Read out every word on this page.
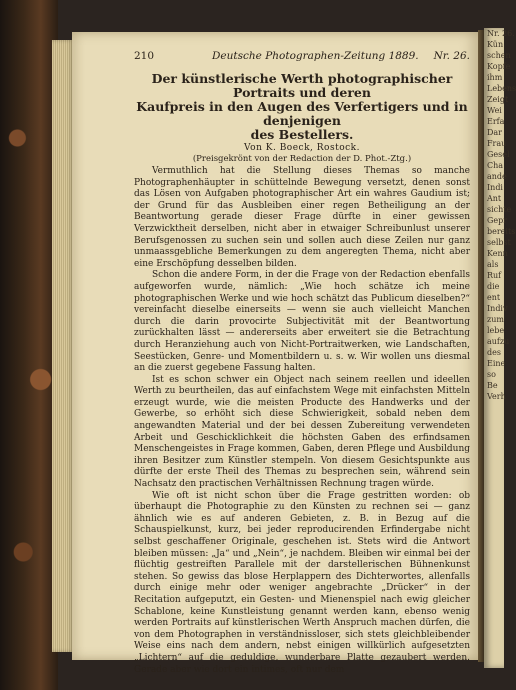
210	Deutsche Photographen-Zeitung 1889. Nr. 26.
Der künstlerische Werth photographischer Portraits und deren
Kaufpreis in den Augen des Verfertigers und in denjenigen
des Bestellers.
Von K. Boeck, Rostock.
(Preisgekrönt von der Redaction der D. Phot.-Ztg.)

Vermuthlich hat die Stellung dieses Themas so manche Photographenhäupter in schüttelnde Bewegung versetzt, denen sonst das Lösen von Aufgaben photographischer Art ein wahres Gaudium ist; der Grund für das Ausbleiben einer regen Betheiligung an der Beantwortung gerade dieser Frage dürfte in einer gewissen Verzwicktheit derselben, nicht aber in etwaiger Schreibunlust unserer Berufsgenossen zu suchen sein und sollen auch diese Zeilen nur ganz unmaassgebliche Bemerkungen zu dem angeregten Thema, nicht aber eine Erschöpfung desselben bilden.

Schon die andere Form, in der die Frage von der Redaction ebenfalls aufgeworfen wurde, nämlich: „Wie hoch schätze ich meine photographischen Werke und wie hoch schätzt das Publicum dieselben?“ vereinfacht dieselbe einerseits — wenn sie auch vielleicht Manchen durch die darin provocirte Subjectivität mit der Beantwortung zurückhalten lässt — andererseits aber erweitert sie die Betrachtung durch Heranziehung auch von Nicht-Portraitwerken, wie Landschaften, Seestücken, Genre- und Momentbildern u. s. w. Wir wollen uns diesmal an die zuerst gegebene Fassung halten.

Ist es schon schwer ein Object nach seinem reellen und ideellen Werth zu beurtheilen, das auf einfachstem Wege mit einfachsten Mitteln erzeugt wurde, wie die meisten Producte des Handwerks und der Gewerbe, so erhöht sich diese Schwierigkeit, sobald neben dem angewandten Material und der bei dessen Zubereitung verwendeten Arbeit und Geschicklichkeit die höchsten Gaben des erfindsamen Menschengeistes in Frage kommen, Gaben, deren Pflege und Ausbildung ihren Besitzer zum Künstler stempeln. Von diesem Gesichtspunkte aus dürfte der erste Theil des Themas zu besprechen sein, während sein Nachsatz den practischen Verhältnissen Rechnung tragen würde.

Wie oft ist nicht schon über die Frage gestritten worden: ob überhaupt die Photographie zu den Künsten zu rechnen sei — ganz ähnlich wie es auf anderen Gebieten, z. B. in Bezug auf die Schauspielkunst, kurz, bei jeder reproducirenden Erfindergabe nicht selbst geschaffener Originale, geschehen ist. Stets wird die Antwort bleiben müssen: „Ja“ und „Nein“, je nachdem. Bleiben wir einmal bei der flüchtig gestreiften Parallele mit der darstellerischen Bühnenkunst stehen. So gewiss das blose Herplappern des Dichterwortes, allenfalls durch einige mehr oder weniger angebrachte „Drücker“ in der Recitation aufgeputzt, ein Gesten- und Mienenspiel nach ewig gleicher Schablone, keine Kunstleistung genannt werden kann, ebenso wenig werden Portraits auf künstlerischen Werth Anspruch machen dürfen, die von dem Photographen in verständnissloser, sich stets gleichbleibender Weise eins nach dem andern, nebst einigen willkürlich aufgesetzten „Lichtern“ auf die geduldige, wunderbare Platte gezaubert werden. Gerade aber wie dort ein intimes, oft nur dem

Nr. 26.
Kün
schen
Kopfe
ihm
Lebens
Zeigt
Wei
Erfa
Dar
Frau
Gesel
Cha
ande
Indi
Ant
sichte
Gepr
bereits
selbst
Kenn
als
Ruf
die
ent
Indiv
zum
lebe
aufzu
des
Eine
so
Be
Verh
